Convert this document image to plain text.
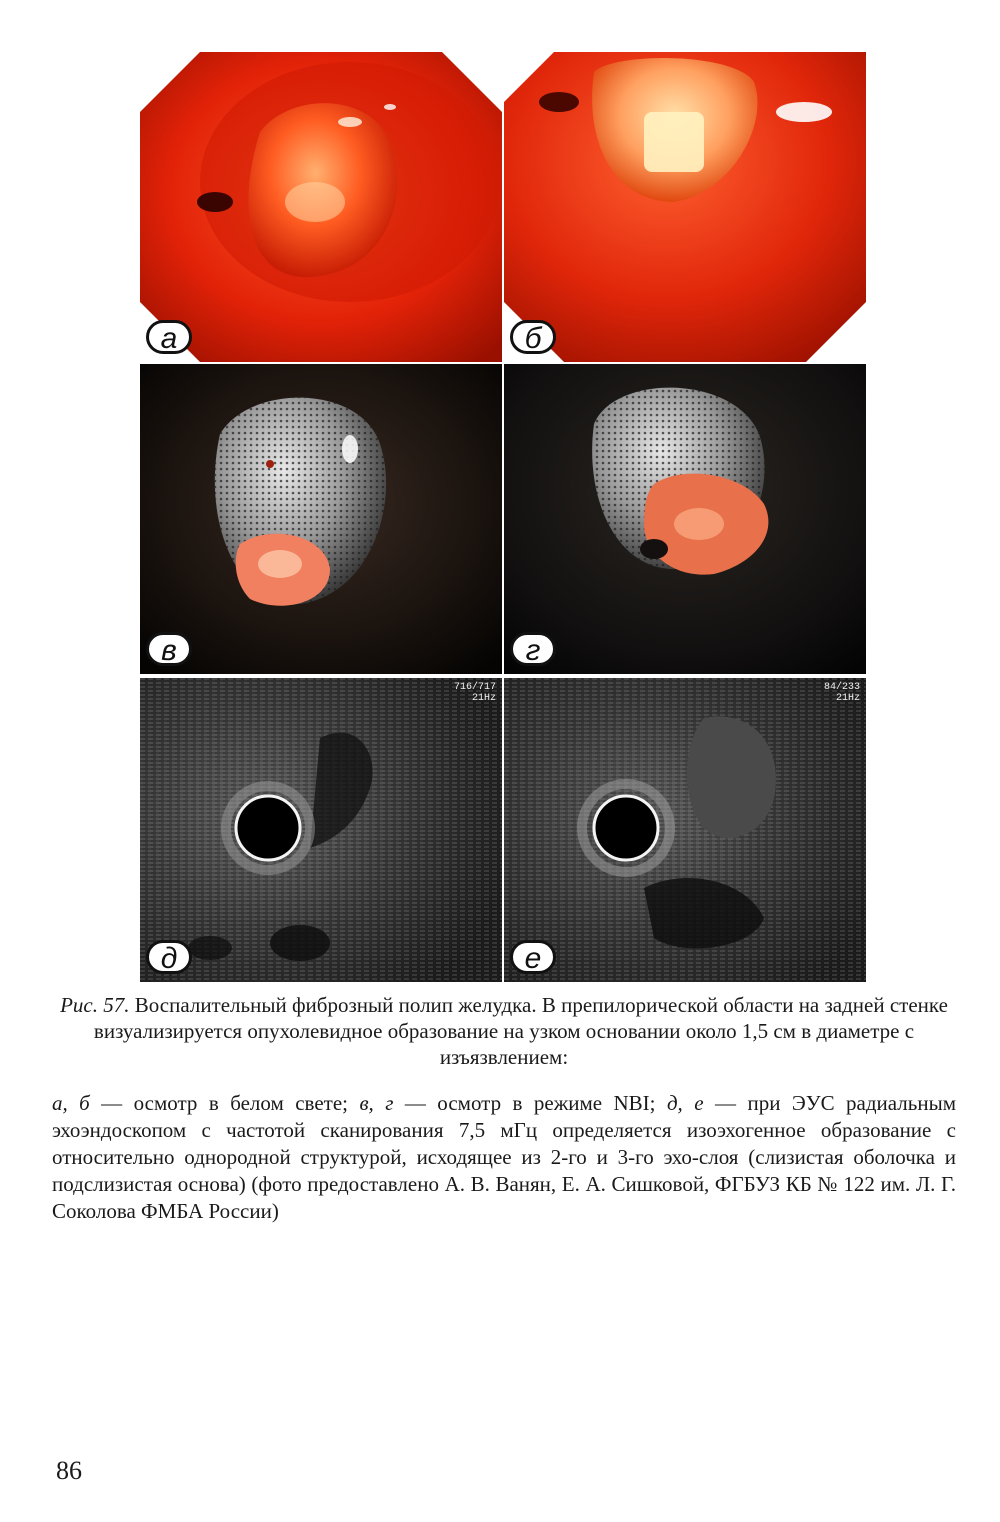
а	б
в	г
716/717
21Hz
д
84/233
21Hz
е
Рис. 57. Воспалительный фиброзный полип желудка. В препилорической области на задней стенке визуализируется опухолевидное образование на узком основании около 1,5 см в диаметре с изъязвлением:
а, б — осмотр в белом свете; в, г — осмотр в режиме NBI; д, е — при ЭУС радиальным эхоэндоскопом с частотой сканирования 7,5 мГц определяется изоэхогенное образование с относительно однородной структурой, исходящее из 2-го и 3-го эхо-слоя (слизистая оболочка и подслизистая основа) (фото предоставлено А. В. Ванян, Е. А. Сишковой, ФГБУЗ КБ № 122 им. Л. Г. Соколова ФМБА России)
86
